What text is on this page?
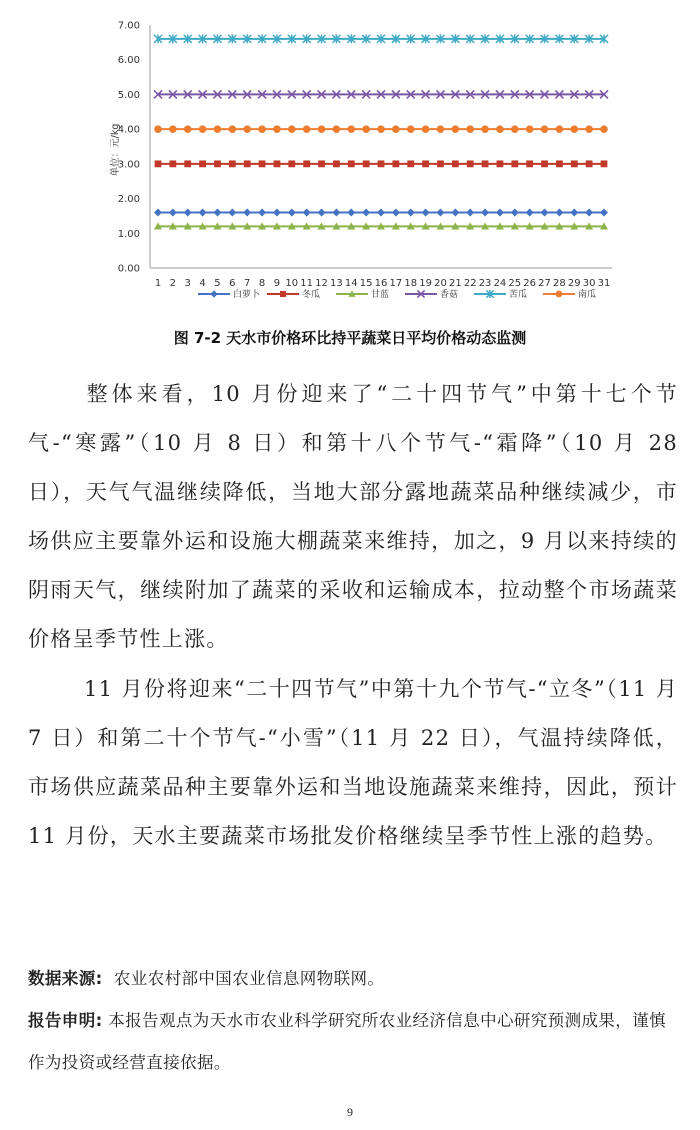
0.00
1.00
2.00
3.00
4.00
5.00
6.00
7.00
1 2 3 4 5 6 7 8 9 10 11 12 13 14 15 16 17 18 19 20 21 22 23 24 25 26 27 28 29 30 31
白萝卜	冬瓜	甘蓝	香菇	苦瓜	南瓜
单位：元/kg
图 7-2 天水市价格环比持平蔬菜日平均价格动态监测

整体来看，10 月份迎来了“二十四节气”中第十七个节气-“寒露”（10 月 8 日）和第十八个节气-“霜降”（10 月 28 日），天气气温继续降低，当地大部分露地蔬菜品种继续减少，市场供应主要靠外运和设施大棚蔬菜来维持，加之，9 月以来持续的阴雨天气，继续附加了蔬菜的采收和运输成本，拉动整个市场蔬菜价格呈季节性上涨。

11 月份将迎来“二十四节气”中第十九个节气-“立冬”（11 月 7 日）和第二十个节气-“小雪”（11 月 22 日），气温持续降低，市场供应蔬菜品种主要靠外运和当地设施蔬菜来维持，因此，预计 11 月份，天水主要蔬菜市场批发价格继续呈季节性上涨的趋势。

数据来源: 农业农村部中国农业信息网物联网。

报告申明: 本报告观点为天水市农业科学研究所农业经济信息中心研究预测成果，谨慎作为投资或经营直接依据。

9
